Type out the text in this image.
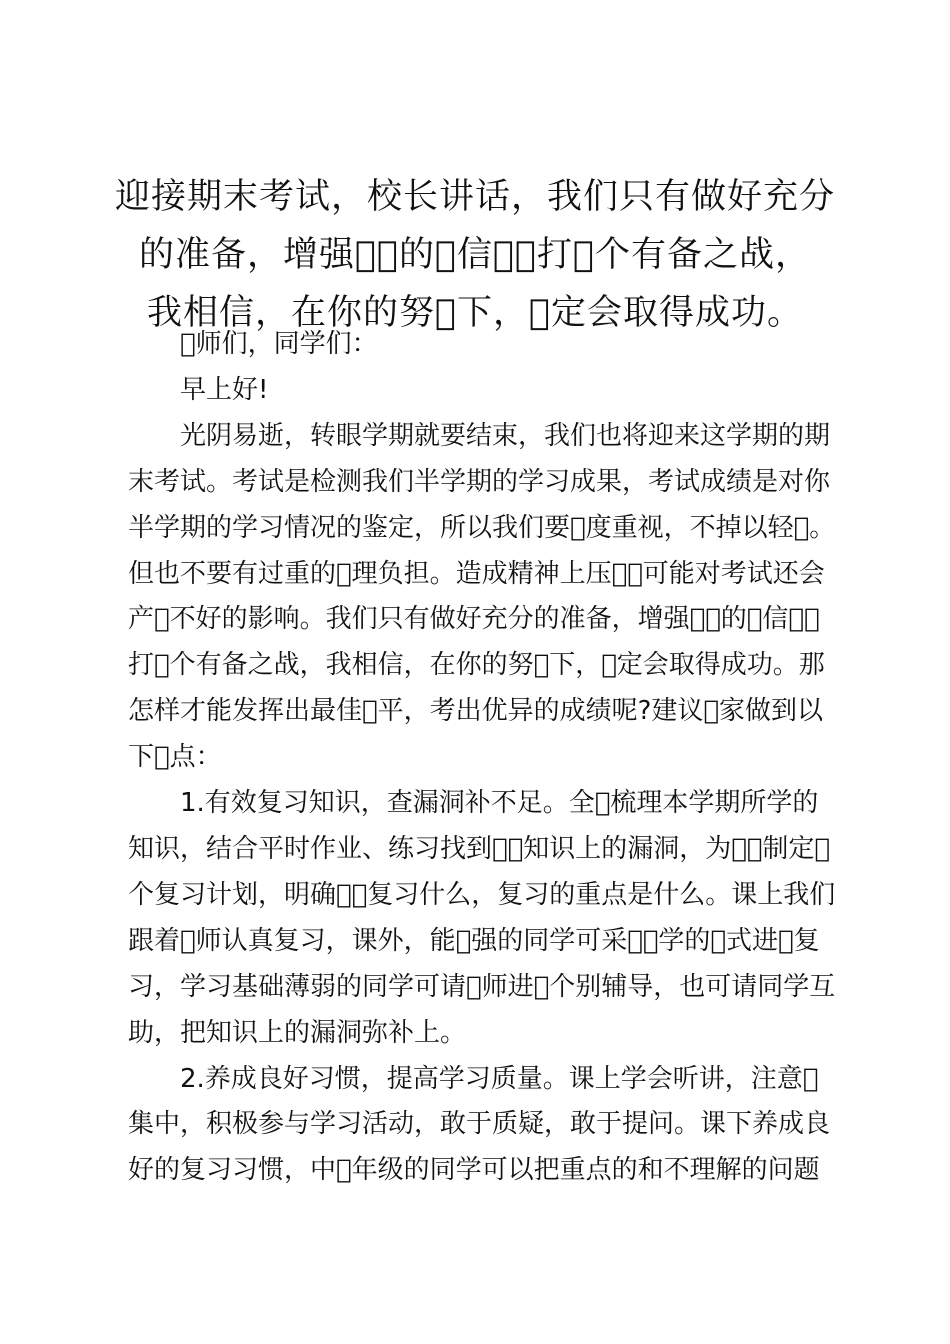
迎接期末考试，校长讲话，我们只有做好充分
的准备，增强􀀀􀀀的􀀀信􀀀，打􀀀个有备之战，
我相信，在你的努􀀀下，􀀀定会取得成功。
􀀀师们，同学们：
早上好!
光阴易逝，转眼学期就要结束，我们也将迎来这学期的期
末考试。考试是检测我们半学期的学习成果，考试成绩是对你
半学期的学习情况的鉴定，所以我们要􀀀度重视，不掉以轻􀀀。
但也不要有过重的􀀀理负担。造成精神上压􀀀，可能对考试还会
产􀀀不好的影响。我们只有做好充分的准备，增强􀀀􀀀的􀀀信􀀀，
打􀀀个有备之战，我相信，在你的努􀀀下，􀀀定会取得成功。那
怎样才能发挥出最佳􀀀平，考出优异的成绩呢?建议􀀀家做到以
下􀀀点：
1.有效复习知识，查漏洞补不足。全􀀀梳理本学期所学的
知识，结合平时作业、练习找到􀀀􀀀知识上的漏洞，为􀀀􀀀制定􀀀
个复习计划，明确􀀀􀀀复习什么，复习的重点是什么。课上我们
跟着􀀀师认真复习，课外，能􀀀强的同学可采􀀀􀀀学的􀀀式进􀀀复
习，学习基础薄弱的同学可请􀀀师进􀀀个别辅导，也可请同学互
助，把知识上的漏洞弥补上。
2.养成良好习惯，提高学习质量。课上学会听讲，注意􀀀
集中，积极参与学习活动，敢于质疑，敢于提问。课下养成良
好的复习习惯，中􀀀年级的同学可以把重点的和不理解的问题
